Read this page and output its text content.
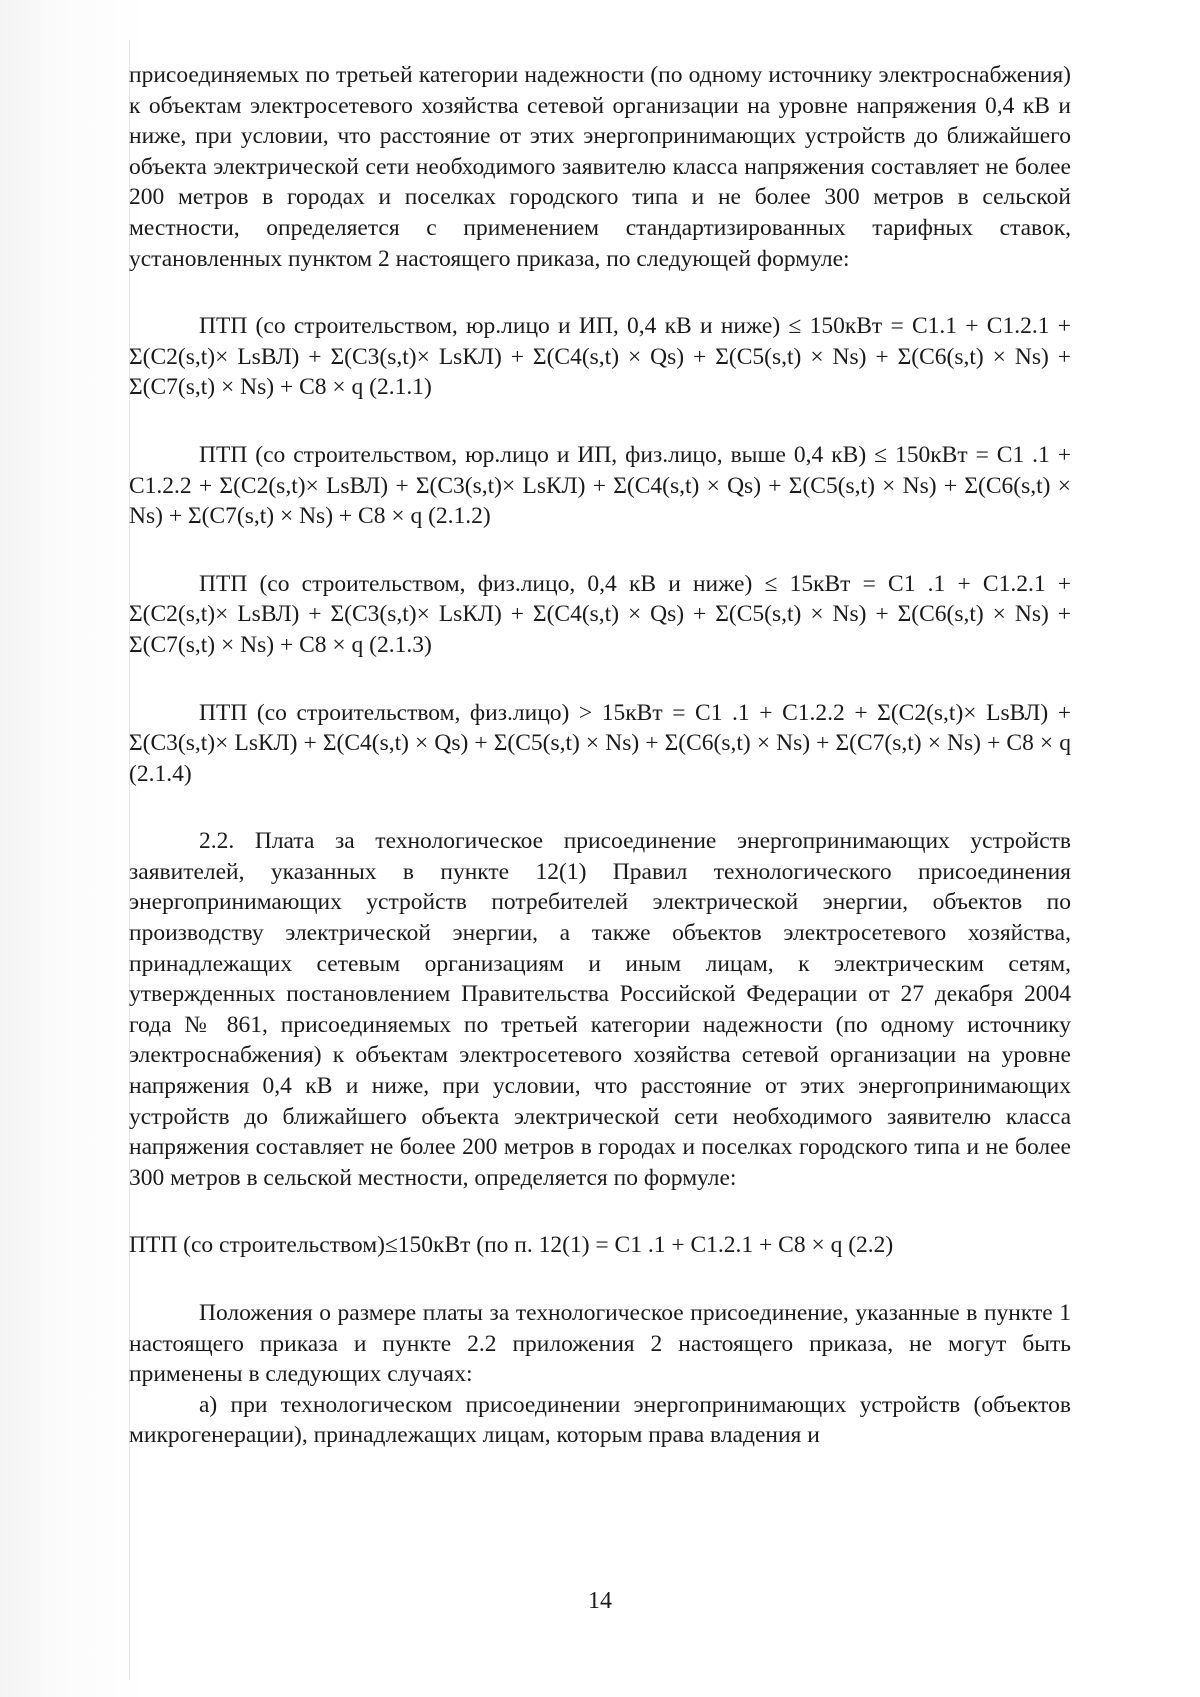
присоединяемых по третьей категории надежности (по одному источнику электроснабжения) к объектам электросетевого хозяйства сетевой организации на уровне напряжения 0,4 кВ и ниже, при условии, что расстояние от этих энергопринимающих устройств до ближайшего объекта электрической сети необходимого заявителю класса напряжения составляет не более 200 метров в городах и поселках городского типа и не более 300 метров в сельской местности, определяется с применением стандартизированных тарифных ставок, установленных пунктом 2 настоящего приказа, по следующей формуле:

ПТП (со строительством, юр.лицо и ИП, 0,4 кВ и ниже) ≤ 150кВт = C1.1 + C1.2.1 + Σ(C2(s,t)× LsВЛ) + Σ(C3(s,t)× LsКЛ) + Σ(C4(s,t) × Qs) + Σ(C5(s,t) × Ns) + Σ(C6(s,t) × Ns) + Σ(C7(s,t) × Ns) + C8 × q (2.1.1)

ПТП (со строительством, юр.лицо и ИП, физ.лицо, выше 0,4 кВ) ≤ 150кВт = C1 .1 + C1.2.2 + Σ(C2(s,t)× LsВЛ) + Σ(C3(s,t)× LsКЛ) + Σ(C4(s,t) × Qs) + Σ(C5(s,t) × Ns) + Σ(C6(s,t) × Ns) + Σ(C7(s,t) × Ns) + C8 × q (2.1.2)

ПТП (со строительством, физ.лицо, 0,4 кВ и ниже) ≤ 15кВт = C1 .1 + C1.2.1 + Σ(C2(s,t)× LsВЛ) + Σ(C3(s,t)× LsКЛ) + Σ(C4(s,t) × Qs) + Σ(C5(s,t) × Ns) + Σ(C6(s,t) × Ns) + Σ(C7(s,t) × Ns) + C8 × q (2.1.3)

ПТП (со строительством, физ.лицо) > 15кВт = C1 .1 + C1.2.2 + Σ(C2(s,t)× LsВЛ) + Σ(C3(s,t)× LsКЛ) + Σ(C4(s,t) × Qs) + Σ(C5(s,t) × Ns) + Σ(C6(s,t) × Ns) + Σ(C7(s,t) × Ns) + C8 × q (2.1.4)

2.2. Плата за технологическое присоединение энергопринимающих устройств заявителей, указанных в пункте 12(1) Правил технологического присоединения энергопринимающих устройств потребителей электрической энергии, объектов по производству электрической энергии, а также объектов электросетевого хозяйства, принадлежащих сетевым организациям и иным лицам, к электрическим сетям, утвержденных постановлением Правительства Российской Федерации от 27 декабря 2004 года № 861, присоединяемых по третьей категории надежности (по одному источнику электроснабжения) к объектам электросетевого хозяйства сетевой организации на уровне напряжения 0,4 кВ и ниже, при условии, что расстояние от этих энергопринимающих устройств до ближайшего объекта электрической сети необходимого заявителю класса напряжения составляет не более 200 метров в городах и поселках городского типа и не более 300 метров в сельской местности, определяется по формуле:

ПТП (со строительством)≤150кВт (по п. 12(1) = C1 .1 + C1.2.1 + C8 × q (2.2)

Положения о размере платы за технологическое присоединение, указанные в пункте 1 настоящего приказа и пункте 2.2 приложения 2 настоящего приказа, не могут быть применены в следующих случаях:

а) при технологическом присоединении энергопринимающих устройств (объектов микрогенерации), принадлежащих лицам, которым права владения и

14
